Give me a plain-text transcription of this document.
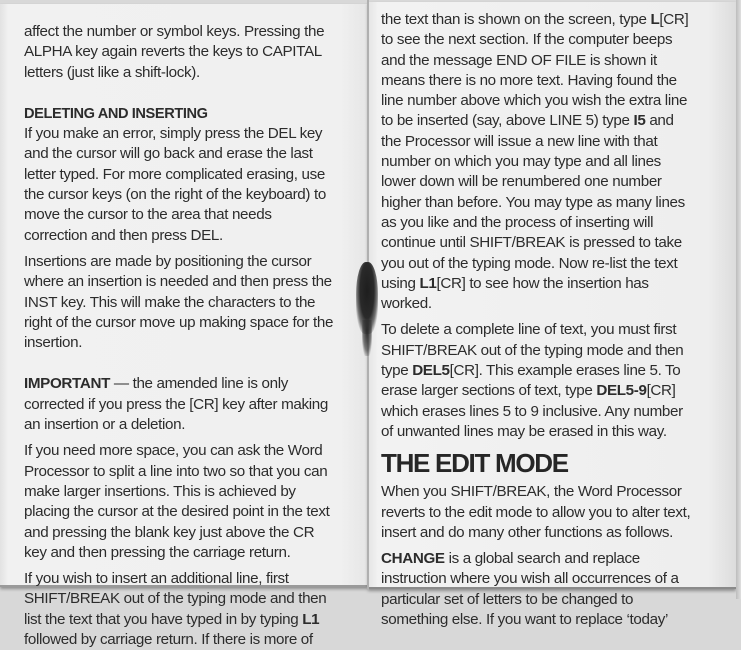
affect the number or symbol keys. Pressing the
ALPHA key again reverts the keys to CAPITAL
letters (just like a shift-lock).
DELETING AND INSERTING
If you make an error, simply press the DEL key
and the cursor will go back and erase the last
letter typed. For more complicated erasing, use
the cursor keys (on the right of the keyboard) to
move the cursor to the area that needs
correction and then press DEL.
Insertions are made by positioning the cursor
where an insertion is needed and then press the
INST key. This will make the characters to the
right of the cursor move up making space for the
insertion.
IMPORTANT — the amended line is only
corrected if you press the [CR] key after making
an insertion or a deletion.
If you need more space, you can ask the Word
Processor to split a line into two so that you can
make larger insertions. This is achieved by
placing the cursor at the desired point in the text
and pressing the blank key just above the CR
key and then pressing the carriage return.
If you wish to insert an additional line, first
SHIFT/BREAK out of the typing mode and then
list the text that you have typed in by typing L1
followed by carriage return. If there is more of
the text than is shown on the screen, type L[CR]
to see the next section. If the computer beeps
and the message END OF FILE is shown it
means there is no more text. Having found the
line number above which you wish the extra line
to be inserted (say, above LINE 5) type I5 and
the Processor will issue a new line with that
number on which you may type and all lines
lower down will be renumbered one number
higher than before. You may type as many lines
as you like and the process of inserting will
continue until SHIFT/BREAK is pressed to take
you out of the typing mode. Now re-list the text
using L1[CR] to see how the insertion has
worked.
To delete a complete line of text, you must first
SHIFT/BREAK out of the typing mode and then
type DEL5[CR]. This example erases line 5. To
erase larger sections of text, type DEL5-9[CR]
which erases lines 5 to 9 inclusive. Any number
of unwanted lines may be erased in this way.
THE EDIT MODE
When you SHIFT/BREAK, the Word Processor
reverts to the edit mode to allow you to alter text,
insert and do many other functions as follows.
CHANGE is a global search and replace
instruction where you wish all occurrences of a
particular set of letters to be changed to
something else. If you want to replace ‘today’
